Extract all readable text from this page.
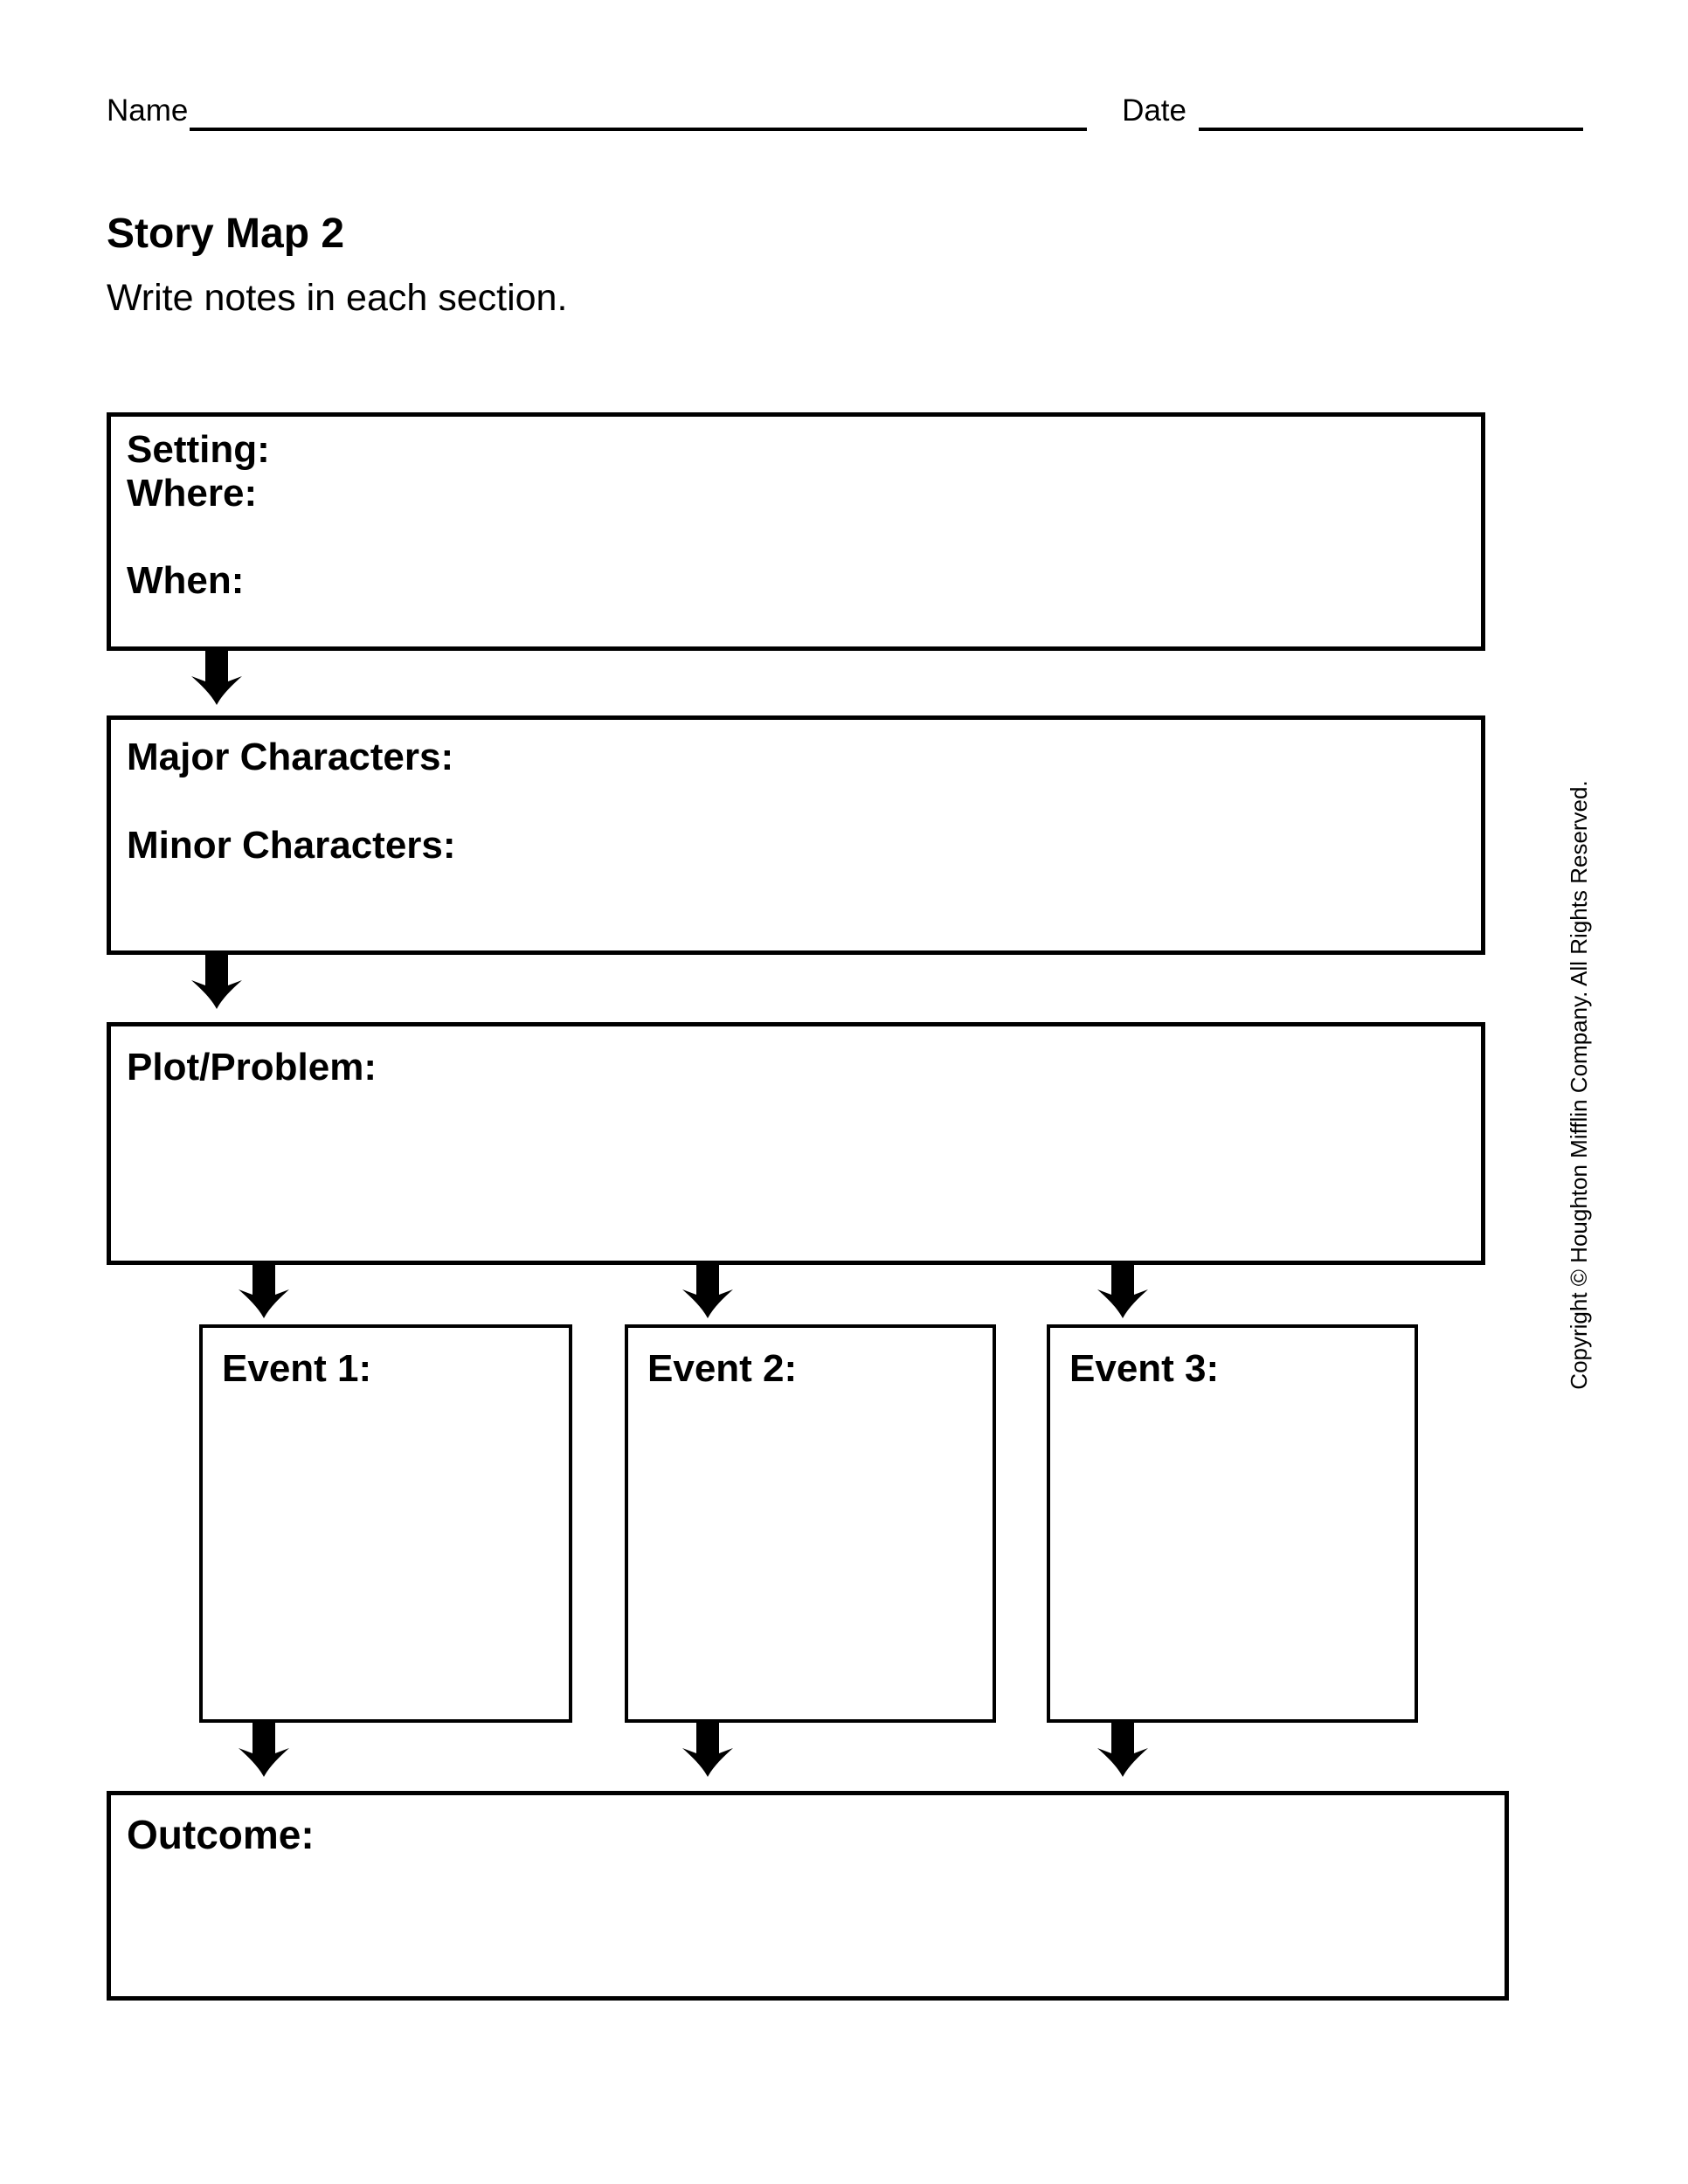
Name	Date
Story Map 2
Write notes in each section.
Setting:
Where:
When:
Major Characters:
Minor Characters:
Plot/Problem:
Event 1:	Event 2:	Event 3:
Outcome:
Copyright © Houghton Mifflin Company. All Rights Reserved.
